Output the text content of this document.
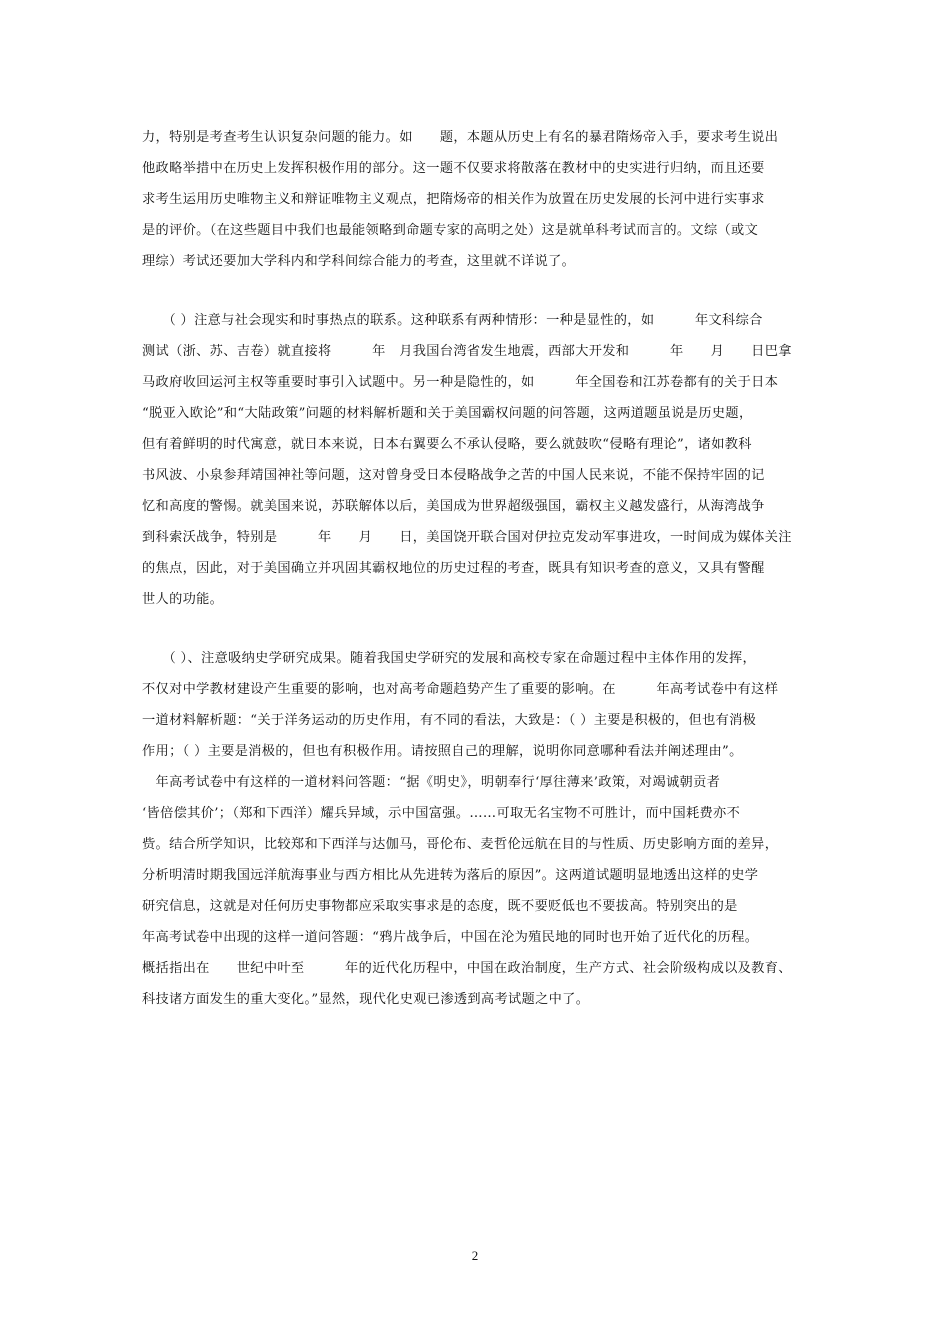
力，特别是考查考生认识复杂问题的能力。如　　题，本题从历史上有名的暴君隋炀帝入手，要求考生说出

他政略举措中在历史上发挥积极作用的部分。这一题不仅要求将散落在教材中的史实进行归纳，而且还要

求考生运用历史唯物主义和辩证唯物主义观点，把隋炀帝的相关作为放置在历史发展的长河中进行实事求

是的评价。（在这些题目中我们也最能领略到命题专家的高明之处）这是就单科考试而言的。文综（或文

理综）考试还要加大学科内和学科间综合能力的考查，这里就不详说了。

　　（ ）注意与社会现实和时事热点的联系。这种联系有两种情形：一种是显性的，如　　　年文科综合

测试（浙、苏、吉卷）就直接将　　　年　月我国台湾省发生地震，西部大开发和　　　年　　月　　日巴拿

马政府收回运河主权等重要时事引入试题中。另一种是隐性的，如　　　年全国卷和江苏卷都有的关于日本

“脱亚入欧论”和“大陆政策”问题的材料解析题和关于美国霸权问题的问答题，这两道题虽说是历史题，

但有着鲜明的时代寓意，就日本来说，日本右翼要么不承认侵略，要么就鼓吹“侵略有理论”，诸如教科

书风波、小泉参拜靖国神社等问题，这对曾身受日本侵略战争之苦的中国人民来说，不能不保持牢固的记

忆和高度的警惕。就美国来说，苏联解体以后，美国成为世界超级强国，霸权主义越发盛行，从海湾战争

到科索沃战争，特别是　　　年　　月　　日，美国饶开联合国对伊拉克发动军事进攻，一时间成为媒体关注

的焦点，因此，对于美国确立并巩固其霸权地位的历史过程的考查，既具有知识考查的意义，又具有警醒

世人的功能。

　　（ ）、注意吸纳史学研究成果。随着我国史学研究的发展和高校专家在命题过程中主体作用的发挥，

不仅对中学教材建设产生重要的影响，也对高考命题趋势产生了重要的影响。在　　　年高考试卷中有这样

一道材料解析题：“关于洋务运动的历史作用，有不同的看法，大致是：（ ）主要是积极的，但也有消极

作用；（ ）主要是消极的，但也有积极作用。请按照自己的理解，说明你同意哪种看法并阐述理由”。

　年高考试卷中有这样的一道材料问答题：“据《明史》，明朝奉行‘厚往薄来’政策，对竭诚朝贡者

‘皆倍偿其价’；（郑和下西洋）耀兵异域，示中国富强。……可取无名宝物不可胜计，而中国耗费亦不

赀。结合所学知识，比较郑和下西洋与达伽马，哥伦布、麦哲伦远航在目的与性质、历史影响方面的差异，

分析明清时期我国远洋航海事业与西方相比从先进转为落后的原因”。这两道试题明显地透出这样的史学

研究信息，这就是对任何历史事物都应采取实事求是的态度，既不要贬低也不要拔高。特别突出的是

年高考试卷中出现的这样一道问答题：“鸦片战争后，中国在沦为殖民地的同时也开始了近代化的历程。

概括指出在　　世纪中叶至　　　年的近代化历程中，中国在政治制度，生产方式、社会阶级构成以及教育、

科技诸方面发生的重大变化。”显然，现代化史观已渗透到高考试题之中了。

2
